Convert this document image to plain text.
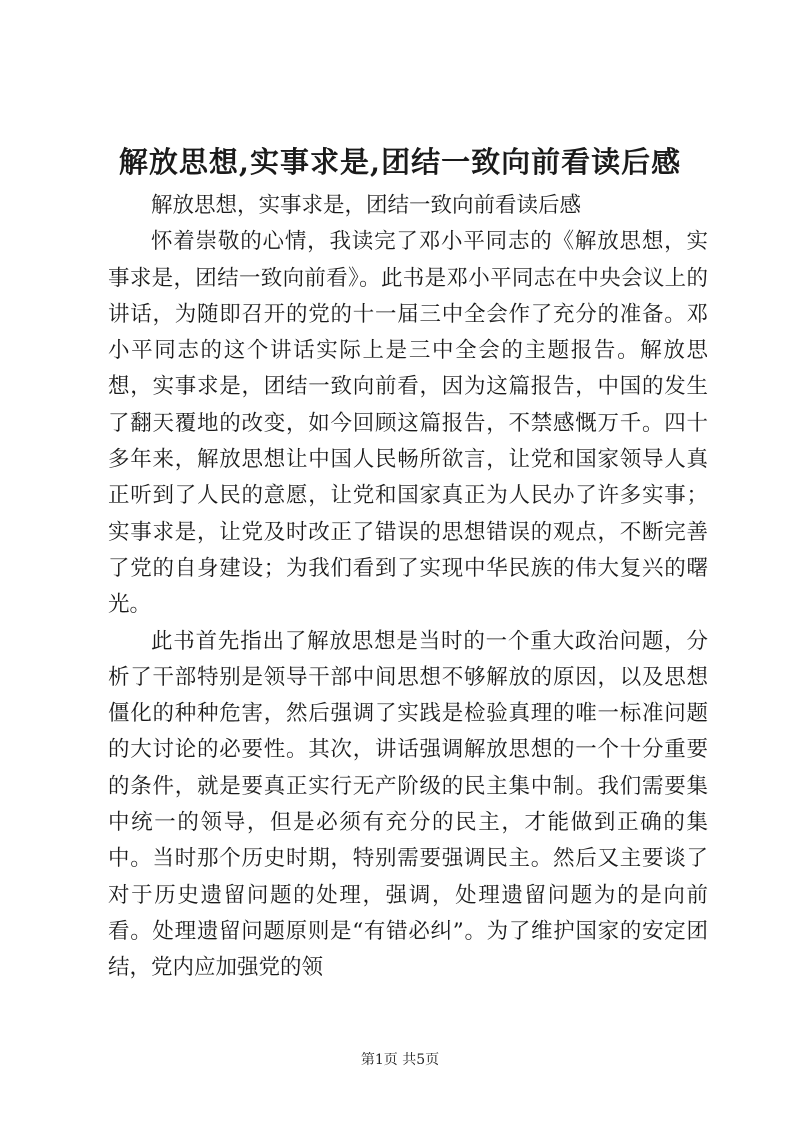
解放思想,实事求是,团结一致向前看读后感

解放思想，实事求是，团结一致向前看读后感

怀着崇敬的心情，我读完了邓小平同志的《解放思想，实事求是，团结一致向前看》。此书是邓小平同志在中央会议上的讲话，为随即召开的党的十一届三中全会作了充分的准备。邓小平同志的这个讲话实际上是三中全会的主题报告。解放思想，实事求是，团结一致向前看，因为这篇报告，中国的发生了翻天覆地的改变，如今回顾这篇报告，不禁感慨万千。四十多年来，解放思想让中国人民畅所欲言，让党和国家领导人真正听到了人民的意愿，让党和国家真正为人民办了许多实事；实事求是，让党及时改正了错误的思想错误的观点，不断完善了党的自身建设；为我们看到了实现中华民族的伟大复兴的曙光。

此书首先指出了解放思想是当时的一个重大政治问题，分析了干部特别是领导干部中间思想不够解放的原因，以及思想僵化的种种危害，然后强调了实践是检验真理的唯一标准问题的大讨论的必要性。其次，讲话强调解放思想的一个十分重要的条件，就是要真正实行无产阶级的民主集中制。我们需要集中统一的领导，但是必须有充分的民主，才能做到正确的集中。当时那个历史时期，特别需要强调民主。然后又主要谈了对于历史遗留问题的处理，强调，处理遗留问题为的是向前看。处理遗留问题原则是“有错必纠”。为了维护国家的安定团结，党内应加强党的领

第1页 共5页
